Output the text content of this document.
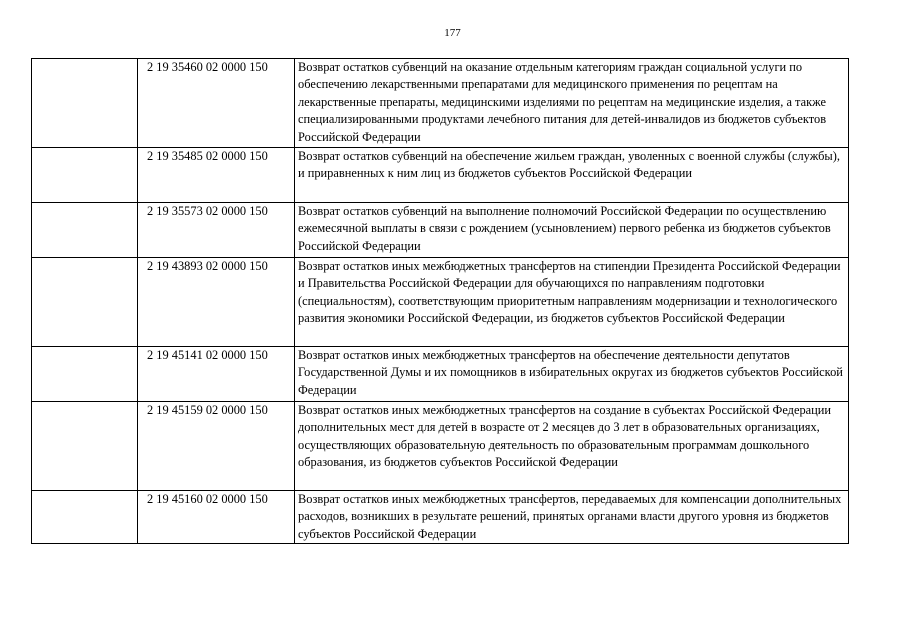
177
	2 19 35460 02 0000 150	Возврат остатков субвенций на оказание отдельным категориям граждан социальной услуги по обеспечению лекарственными препаратами для медицинского применения по рецептам на лекарственные препараты, медицинскими изделиями по рецептам на медицинские изделия, а также специализированными продуктами лечебного питания для детей-инвалидов из бюджетов субъектов Российской Федерации
	2 19 35485 02 0000 150	Возврат остатков субвенций на обеспечение жильем граждан, уволенных с военной службы (службы), и приравненных к ним лиц из бюджетов субъектов Российской Федерации
	2 19 35573 02 0000 150	Возврат остатков субвенций на выполнение полномочий Российской Федерации по осуществлению ежемесячной выплаты в связи с рождением (усыновлением) первого ребенка из бюджетов субъектов Российской Федерации
	2 19 43893 02 0000 150	Возврат остатков иных межбюджетных трансфертов на стипендии Президента Российской Федерации и Правительства Российской Федерации для обучающихся по направлениям подготовки (специальностям), соответствующим приоритетным направлениям модернизации и технологического развития экономики Российской Федерации, из бюджетов субъектов Российской Федерации
	2 19 45141 02 0000 150	Возврат остатков иных межбюджетных трансфертов на обеспечение деятельности депутатов Государственной Думы и их помощников в избирательных округах из бюджетов субъектов Российской Федерации
	2 19 45159 02 0000 150	Возврат остатков иных межбюджетных трансфертов на создание в субъектах Российской Федерации дополнительных мест для детей в возрасте от 2 месяцев до 3 лет в образовательных организациях, осуществляющих образовательную деятельность по образовательным программам дошкольного образования, из бюджетов субъектов Российской Федерации
	2 19 45160 02 0000 150	Возврат остатков иных межбюджетных трансфертов, передаваемых для компенсации дополнительных расходов, возникших в результате решений, принятых органами власти другого уровня из бюджетов субъектов Российской Федерации
